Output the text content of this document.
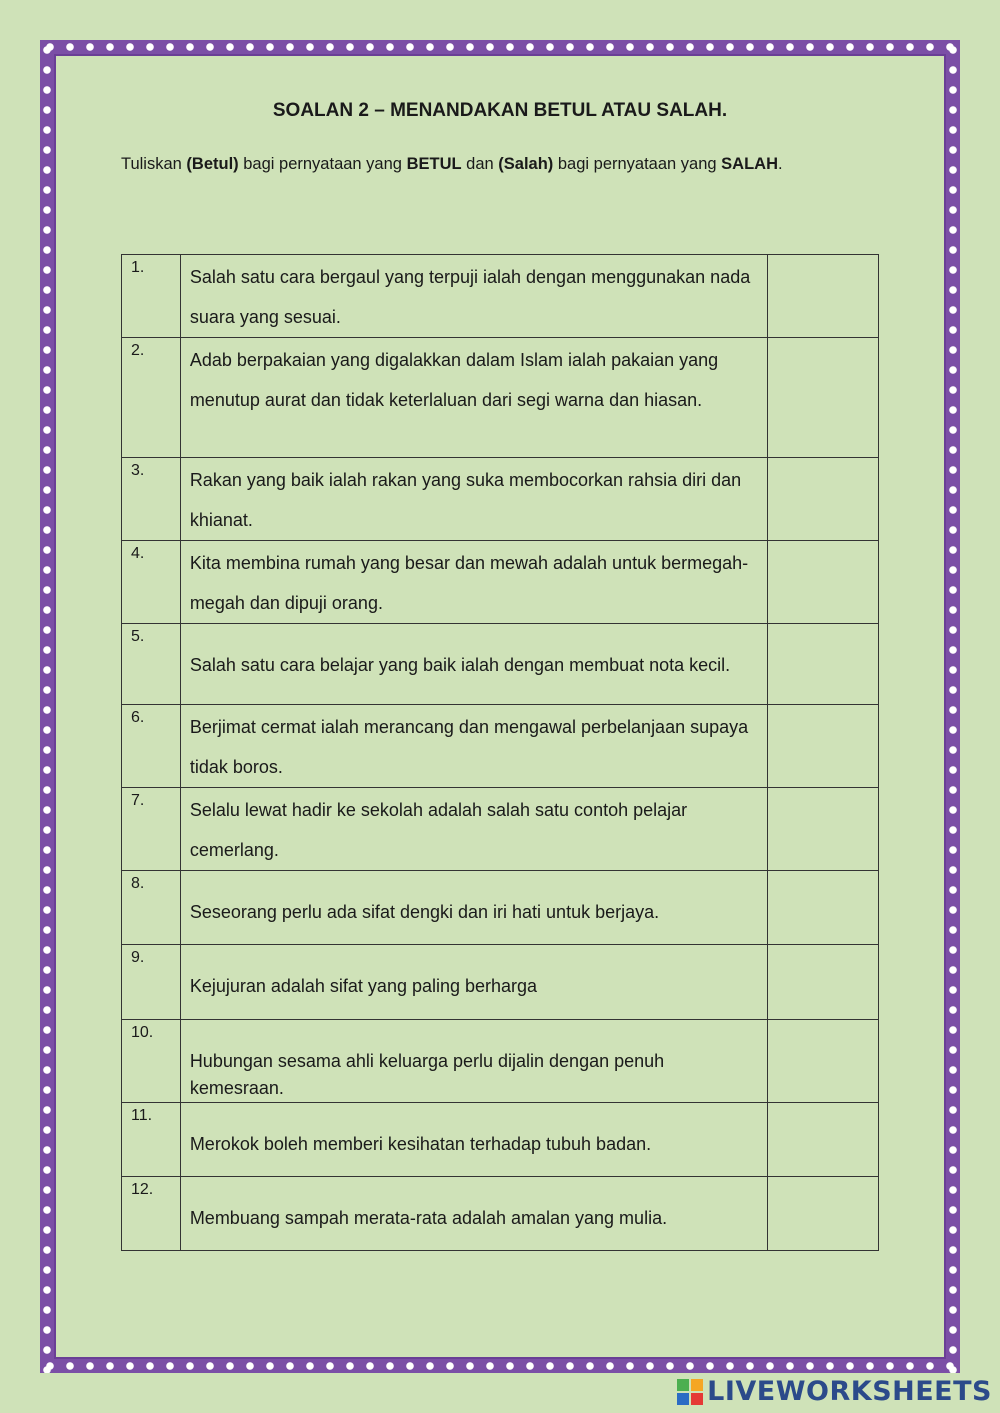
SOALAN 2 – MENANDAKAN BETUL ATAU SALAH.
Tuliskan (Betul) bagi pernyataan yang BETUL dan (Salah) bagi pernyataan yang SALAH.
1.	Salah satu cara bergaul yang terpuji ialah dengan menggunakan nada suara yang sesuai.	
2.	Adab berpakaian yang digalakkan dalam Islam ialah pakaian yang menutup aurat dan tidak keterlaluan dari segi warna dan hiasan.	
3.	Rakan yang baik ialah rakan yang suka membocorkan rahsia diri dan khianat.	
4.	Kita membina rumah yang besar dan mewah adalah untuk bermegah-megah dan dipuji orang.	
5.	Salah satu cara belajar yang baik ialah dengan membuat nota kecil.	
6.	Berjimat cermat ialah merancang dan mengawal perbelanjaan supaya tidak boros.	
7.	Selalu lewat hadir ke sekolah adalah salah satu contoh pelajar cemerlang.	
8.	Seseorang perlu ada sifat dengki dan iri hati untuk berjaya.	
9.	Kejujuran adalah sifat yang paling berharga	
10.	Hubungan sesama ahli keluarga perlu dijalin dengan penuh kemesraan.	
11.	Merokok boleh memberi kesihatan terhadap tubuh badan.	
12.	Membuang sampah merata-rata adalah amalan yang mulia.	
LIVEWORKSHEETS
